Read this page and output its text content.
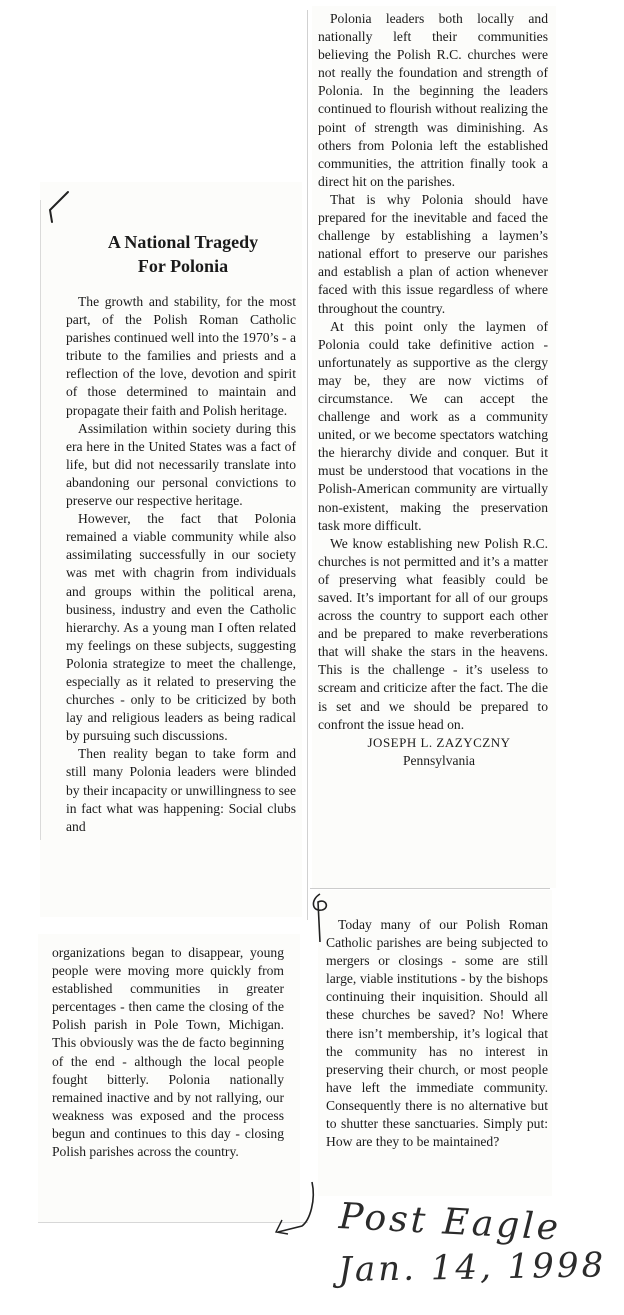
A National Tragedy
For Polonia

The growth and stability, for the most part, of the Polish Roman Catholic parishes continued well into the 1970’s - a tribute to the families and priests and a reflection of the love, devotion and spirit of those determined to maintain and propagate their faith and Polish heritage.

Assimilation within society during this era here in the United States was a fact of life, but did not necessarily translate into abandoning our personal convictions to preserve our respective heritage.

However, the fact that Polonia remained a viable community while also assimilating successfully in our society was met with chagrin from individuals and groups within the political arena, business, industry and even the Catholic hierarchy. As a young man I often related my feelings on these subjects, suggesting Polonia strategize to meet the challenge, especially as it related to preserving the churches - only to be criticized by both lay and religious leaders as being radical by pursuing such discussions.

Then reality began to take form and still many Polonia leaders were blinded by their incapacity or unwillingness to see in fact what was happening: Social clubs and

organizations began to disappear, young people were moving more quickly from established communities in greater percentages - then came the closing of the Polish parish in Pole Town, Michigan. This obviously was the de facto beginning of the end - although the local people fought bitterly. Polonia nationally remained inactive and by not rallying, our weakness was exposed and the process begun and continues to this day - closing Polish parishes across the country.

Polonia leaders both locally and nationally left their communities believing the Polish R.C. churches were not really the foundation and strength of Polonia. In the beginning the leaders continued to flourish without realizing the point of strength was diminishing. As others from Polonia left the established communities, the attrition finally took a direct hit on the parishes.

That is why Polonia should have prepared for the inevitable and faced the challenge by establishing a laymen’s national effort to preserve our parishes and establish a plan of action whenever faced with this issue regardless of where throughout the country.

At this point only the laymen of Polonia could take definitive action - unfortunately as supportive as the clergy may be, they are now victims of circumstance. We can accept the challenge and work as a community united, or we become spectators watching the hierarchy divide and conquer. But it must be understood that vocations in the Polish-American community are virtually non-existent, making the preservation task more difficult.

We know establishing new Polish R.C. churches is not permitted and it’s a matter of preserving what feasibly could be saved. It’s important for all of our groups across the country to support each other and be prepared to make reverberations that will shake the stars in the heavens. This is the challenge - it’s useless to scream and criticize after the fact. The die is set and we should be prepared to confront the issue head on.

JOSEPH L. ZAZYCZNY

Pennsylvania

Today many of our Polish Roman Catholic parishes are being subjected to mergers or closings - some are still large, viable institutions - by the bishops continuing their inquisition. Should all these churches be saved? No! Where there isn’t membership, it’s logical that the community has no interest in preserving their church, or most people have left the immediate community. Consequently there is no alternative but to shutter these sanctuaries. Simply put: How are they to be maintained?

Post Eagle
Jan. 14, 1998
